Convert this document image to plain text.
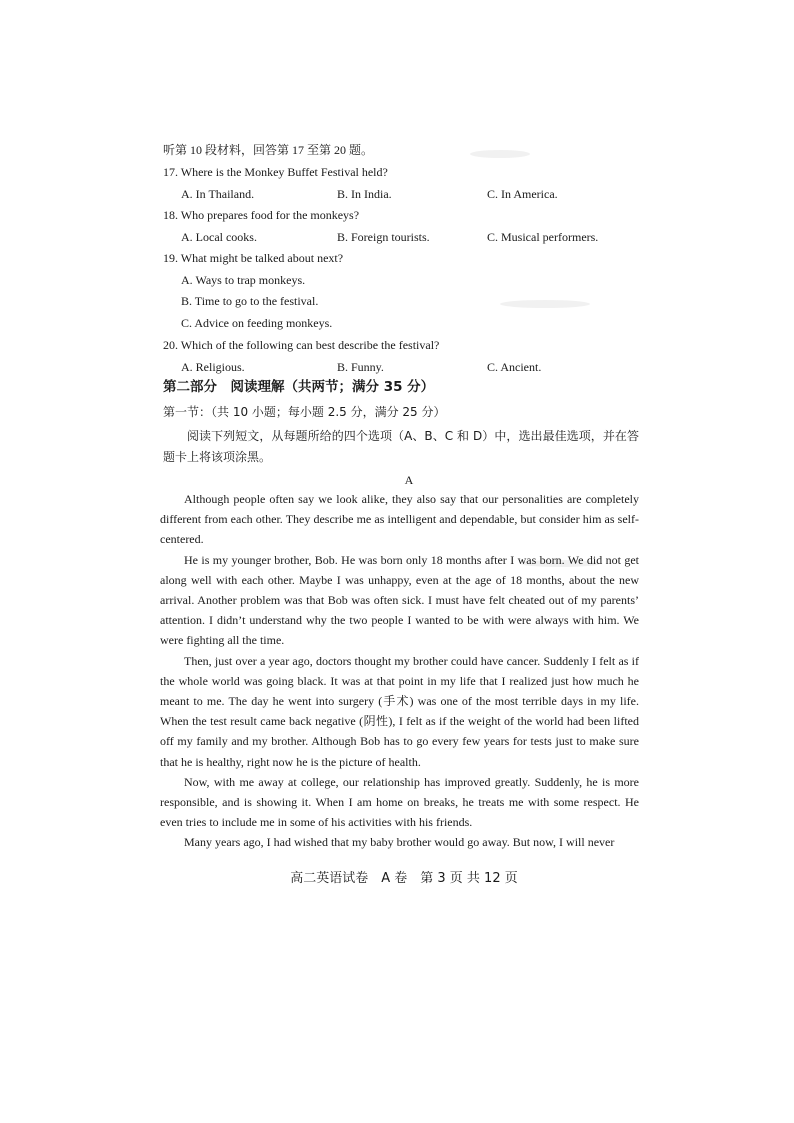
听第 10 段材料，回答第 17 至第 20 题。
17. Where is the Monkey Buffet Festival held?
A. In Thailand.	B. In India.	C. In America.
18. Who prepares food for the monkeys?
A. Local cooks.	B. Foreign tourists.	C. Musical performers.
19. What might be talked about next?
A. Ways to trap monkeys.
B. Time to go to the festival.
C. Advice on feeding monkeys.
20. Which of the following can best describe the festival?
A. Religious.	B. Funny.	C. Ancient.
第二部分　阅读理解（共两节；满分 35 分）
第一节：（共 10 小题；每小题 2.5 分，满分 25 分）
阅读下列短文，从每题所给的四个选项（A、B、C 和 D）中，选出最佳选项，并在答题卡上将该项涂黑。
A

Although people often say we look alike, they also say that our personalities are completely different from each other. They describe me as intelligent and dependable, but consider him as self-centered.

He is my younger brother, Bob. He was born only 18 months after I was born. We did not get along well with each other. Maybe I was unhappy, even at the age of 18 months, about the new arrival. Another problem was that Bob was often sick. I must have felt cheated out of my parents’ attention. I didn’t understand why the two people I wanted to be with were always with him. We were fighting all the time.

Then, just over a year ago, doctors thought my brother could have cancer. Suddenly I felt as if the whole world was going black. It was at that point in my life that I realized just how much he meant to me. The day he went into surgery (手术) was one of the most terrible days in my life. When the test result came back negative (阴性), I felt as if the weight of the world had been lifted off my family and my brother. Although Bob has to go every few years for tests just to make sure that he is healthy, right now he is the picture of health.

Now, with me away at college, our relationship has improved greatly. Suddenly, he is more responsible, and is showing it. When I am home on breaks, he treats me with some respect. He even tries to include me in some of his activities with his friends.

Many years ago, I had wished that my baby brother would go away. But now, I will never

高二英语试卷　A 卷　第 3 页 共 12 页
